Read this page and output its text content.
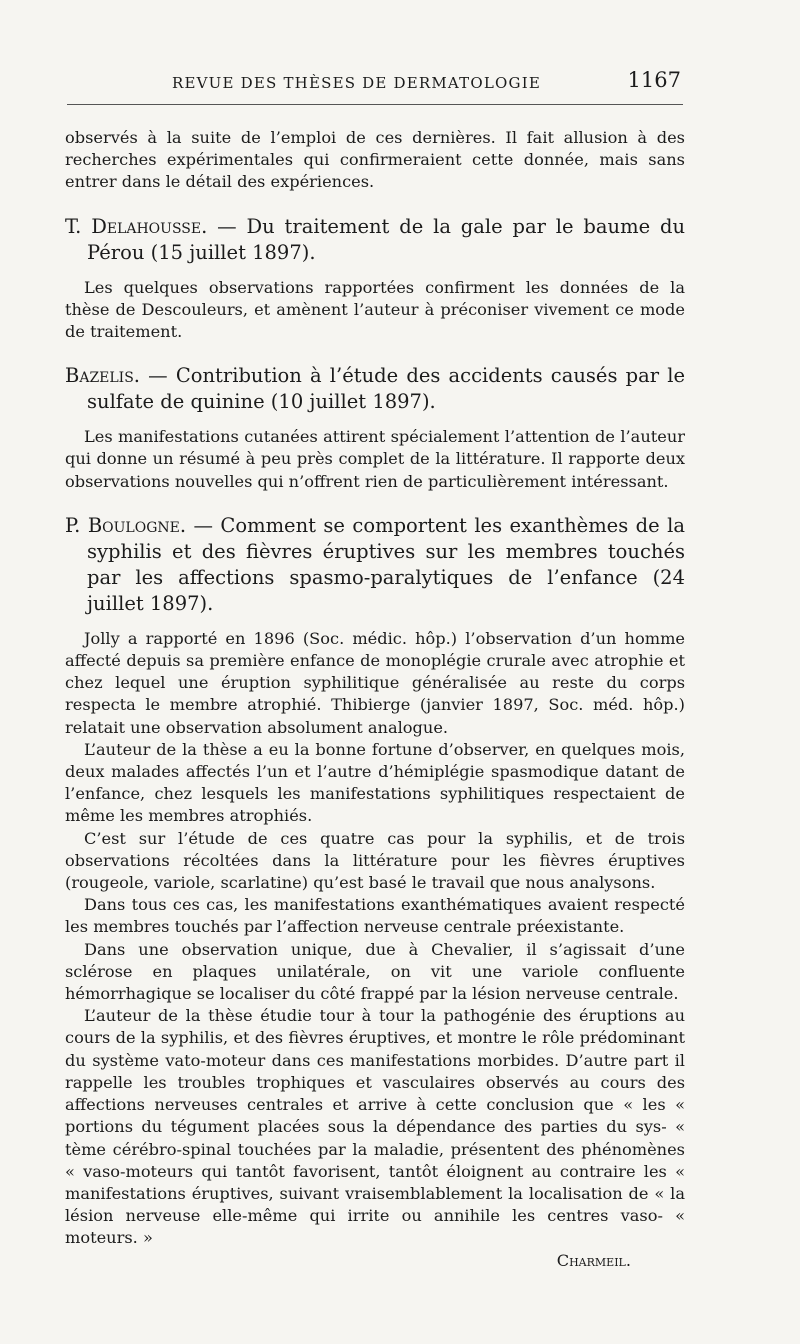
REVUE DES THÈSES DE DERMATOLOGIE	1167

observés à la suite de l’emploi de ces dernières. Il fait allusion à des recherches expérimentales qui confirmeraient cette donnée, mais sans entrer dans le détail des expériences.

T. Delahousse. — Du traitement de la gale par le baume du Pérou (15 juillet 1897).

Les quelques observations rapportées confirment les données de la thèse de Descouleurs, et amènent l’auteur à préconiser vivement ce mode de traitement.

Bazelis. — Contribution à l’étude des accidents causés par le sulfate de quinine (10 juillet 1897).

Les manifestations cutanées attirent spécialement l’attention de l’auteur qui donne un résumé à peu près complet de la littérature. Il rapporte deux observations nouvelles qui n’offrent rien de particulièrement intéressant.

P. Boulogne. — Comment se comportent les exanthèmes de la syphilis et des fièvres éruptives sur les membres touchés par les affections spasmo-paralytiques de l’enfance (24 juillet 1897).

Jolly a rapporté en 1896 (Soc. médic. hôp.) l’observation d’un homme affecté depuis sa première enfance de monoplégie crurale avec atrophie et chez lequel une éruption syphilitique généralisée au reste du corps respecta le membre atrophié. Thibierge (janvier 1897, Soc. méd. hôp.) relatait une observation absolument analogue.

L’auteur de la thèse a eu la bonne fortune d’observer, en quelques mois, deux malades affectés l’un et l’autre d’hémiplégie spasmodique datant de l’enfance, chez lesquels les manifestations syphilitiques respectaient de même les membres atrophiés.

C’est sur l’étude de ces quatre cas pour la syphilis, et de trois observations récoltées dans la littérature pour les fièvres éruptives (rougeole, variole, scarlatine) qu’est basé le travail que nous analysons.

Dans tous ces cas, les manifestations exanthématiques avaient respecté les membres touchés par l’affection nerveuse centrale préexistante.

Dans une observation unique, due à Chevalier, il s’agissait d’une sclérose en plaques unilatérale, on vit une variole confluente hémorrhagique se localiser du côté frappé par la lésion nerveuse centrale.

L’auteur de la thèse étudie tour à tour la pathogénie des éruptions au cours de la syphilis, et des fièvres éruptives, et montre le rôle prédominant du système vato-moteur dans ces manifestations morbides. D’autre part il rappelle les troubles trophiques et vasculaires observés au cours des affections nerveuses centrales et arrive à cette conclusion que « les « portions du tégument placées sous la dépendance des parties du sys- « tème cérébro-spinal touchées par la maladie, présentent des phénomènes « vaso-moteurs qui tantôt favorisent, tantôt éloignent au contraire les « manifestations éruptives, suivant vraisemblablement la localisation de « la lésion nerveuse elle-même qui irrite ou annihile les centres vaso- « moteurs. »

Charmeil.
